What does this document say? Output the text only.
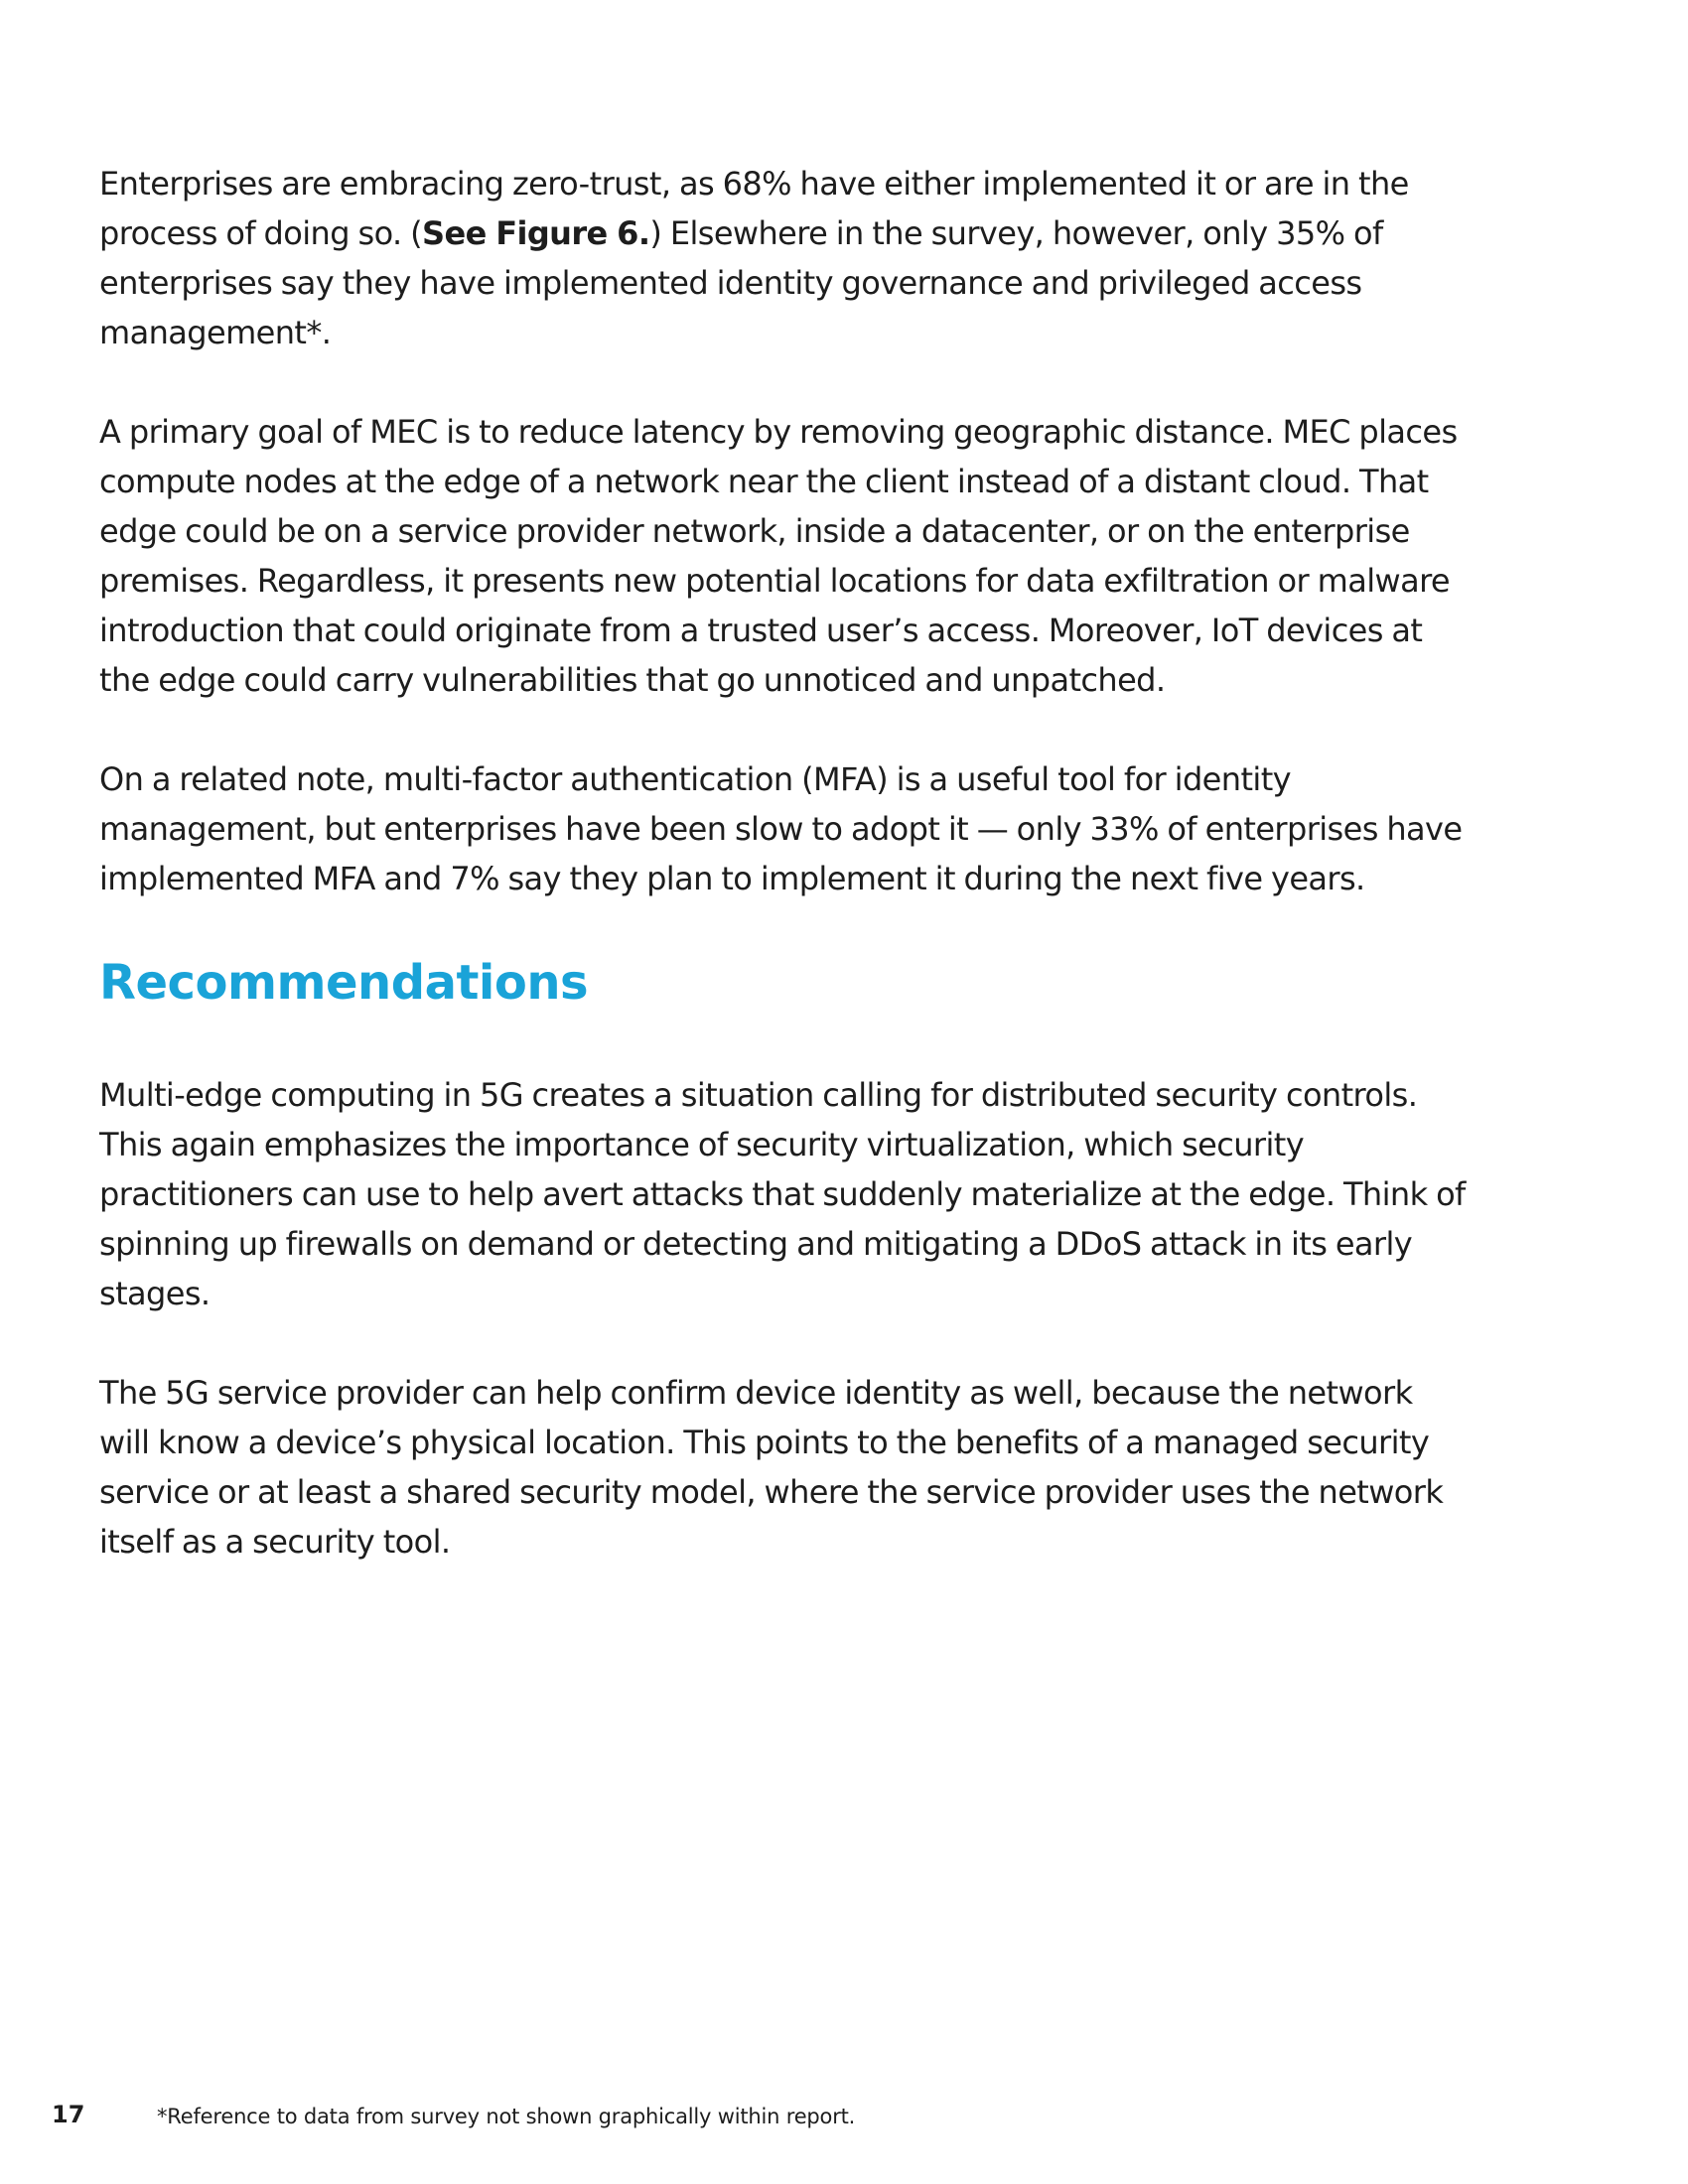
Enterprises are embracing zero-trust, as 68% have either implemented it or are in the process of doing so. (See Figure 6.) Elsewhere in the survey, however, only 35% of enterprises say they have implemented identity governance and privileged access management*.

A primary goal of MEC is to reduce latency by removing geographic distance. MEC places compute nodes at the edge of a network near the client instead of a distant cloud. That edge could be on a service provider network, inside a datacenter, or on the enterprise premises. Regardless, it presents new potential locations for data exfiltration or malware introduction that could originate from a trusted user’s access. Moreover, IoT devices at the edge could carry vulnerabilities that go unnoticed and unpatched.

On a related note, multi-factor authentication (MFA) is a useful tool for identity management, but enterprises have been slow to adopt it — only 33% of enterprises have implemented MFA and 7% say they plan to implement it during the next five years.

Recommendations

Multi-edge computing in 5G creates a situation calling for distributed security controls. This again emphasizes the importance of security virtualization, which security practitioners can use to help avert attacks that suddenly materialize at the edge. Think of spinning up firewalls on demand or detecting and mitigating a DDoS attack in its early stages.

The 5G service provider can help confirm device identity as well, because the network will know a device’s physical location. This points to the benefits of a managed security service or at least a shared security model, where the service provider uses the network itself as a security tool.

17	*Reference to data from survey not shown graphically within report.
